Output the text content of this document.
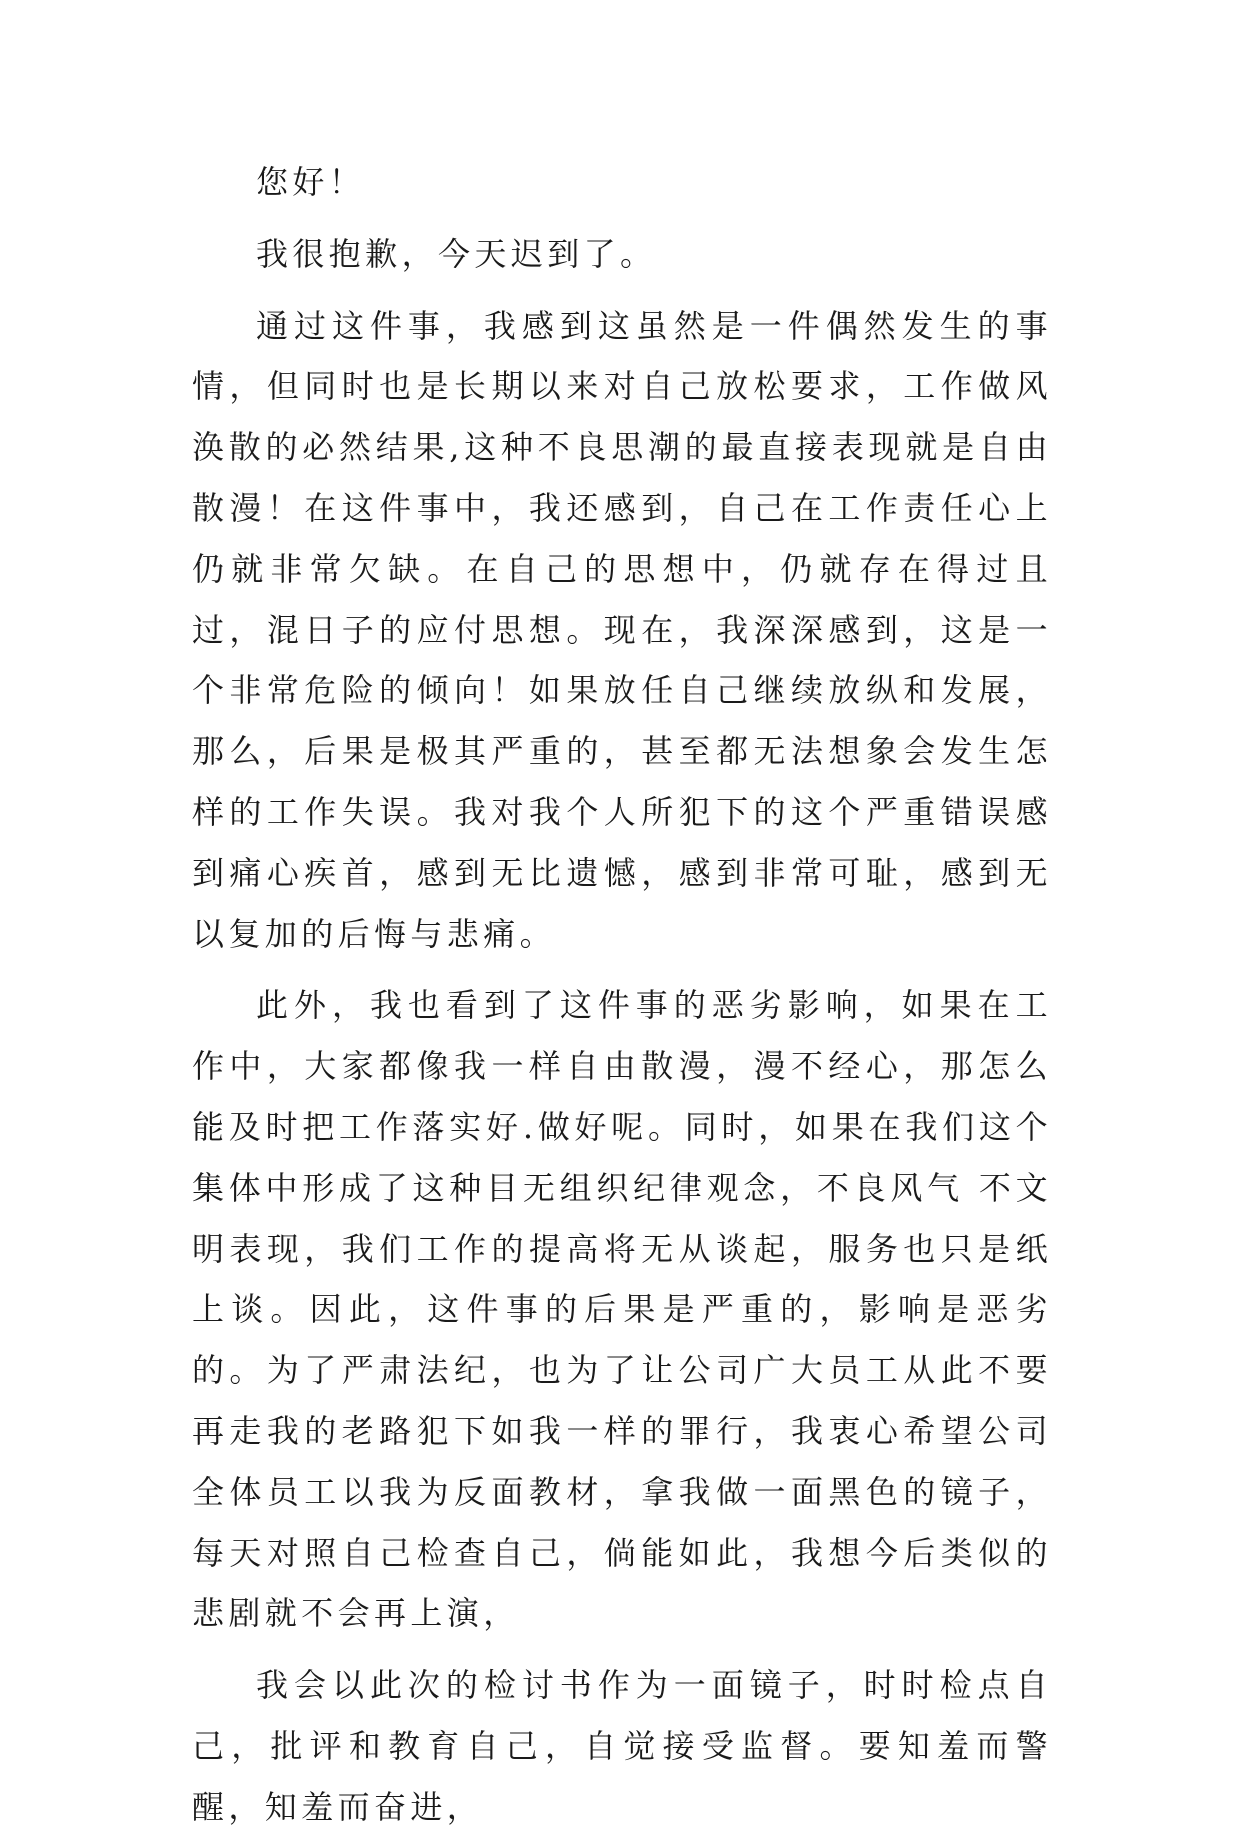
您好！

我很抱歉，今天迟到了。

通过这件事，我感到这虽然是一件偶然发生的事情，但同时也是长期以来对自己放松要求，工作做风涣散的必然结果,这种不良思潮的最直接表现就是自由散漫！在这件事中，我还感到，自己在工作责任心上仍就非常欠缺。在自己的思想中，仍就存在得过且过，混日子的应付思想。现在，我深深感到，这是一个非常危险的倾向！如果放任自己继续放纵和发展，那么，后果是极其严重的，甚至都无法想象会发生怎样的工作失误。我对我个人所犯下的这个严重错误感到痛心疾首，感到无比遗憾，感到非常可耻，感到无以复加的后悔与悲痛。

此外，我也看到了这件事的恶劣影响，如果在工作中，大家都像我一样自由散漫，漫不经心，那怎么能及时把工作落实好.做好呢。同时，如果在我们这个集体中形成了这种目无组织纪律观念，不良风气 不文明表现，我们工作的提高将无从谈起，服务也只是纸上谈。因此，这件事的后果是严重的，影响是恶劣的。为了严肃法纪，也为了让公司广大员工从此不要再走我的老路犯下如我一样的罪行，我衷心希望公司全体员工以我为反面教材，拿我做一面黑色的镜子，每天对照自己检查自己，倘能如此，我想今后类似的悲剧就不会再上演，

我会以此次的检讨书作为一面镜子，时时检点自己，批评和教育自己，自觉接受监督。要知羞而警醒，知羞而奋进，
